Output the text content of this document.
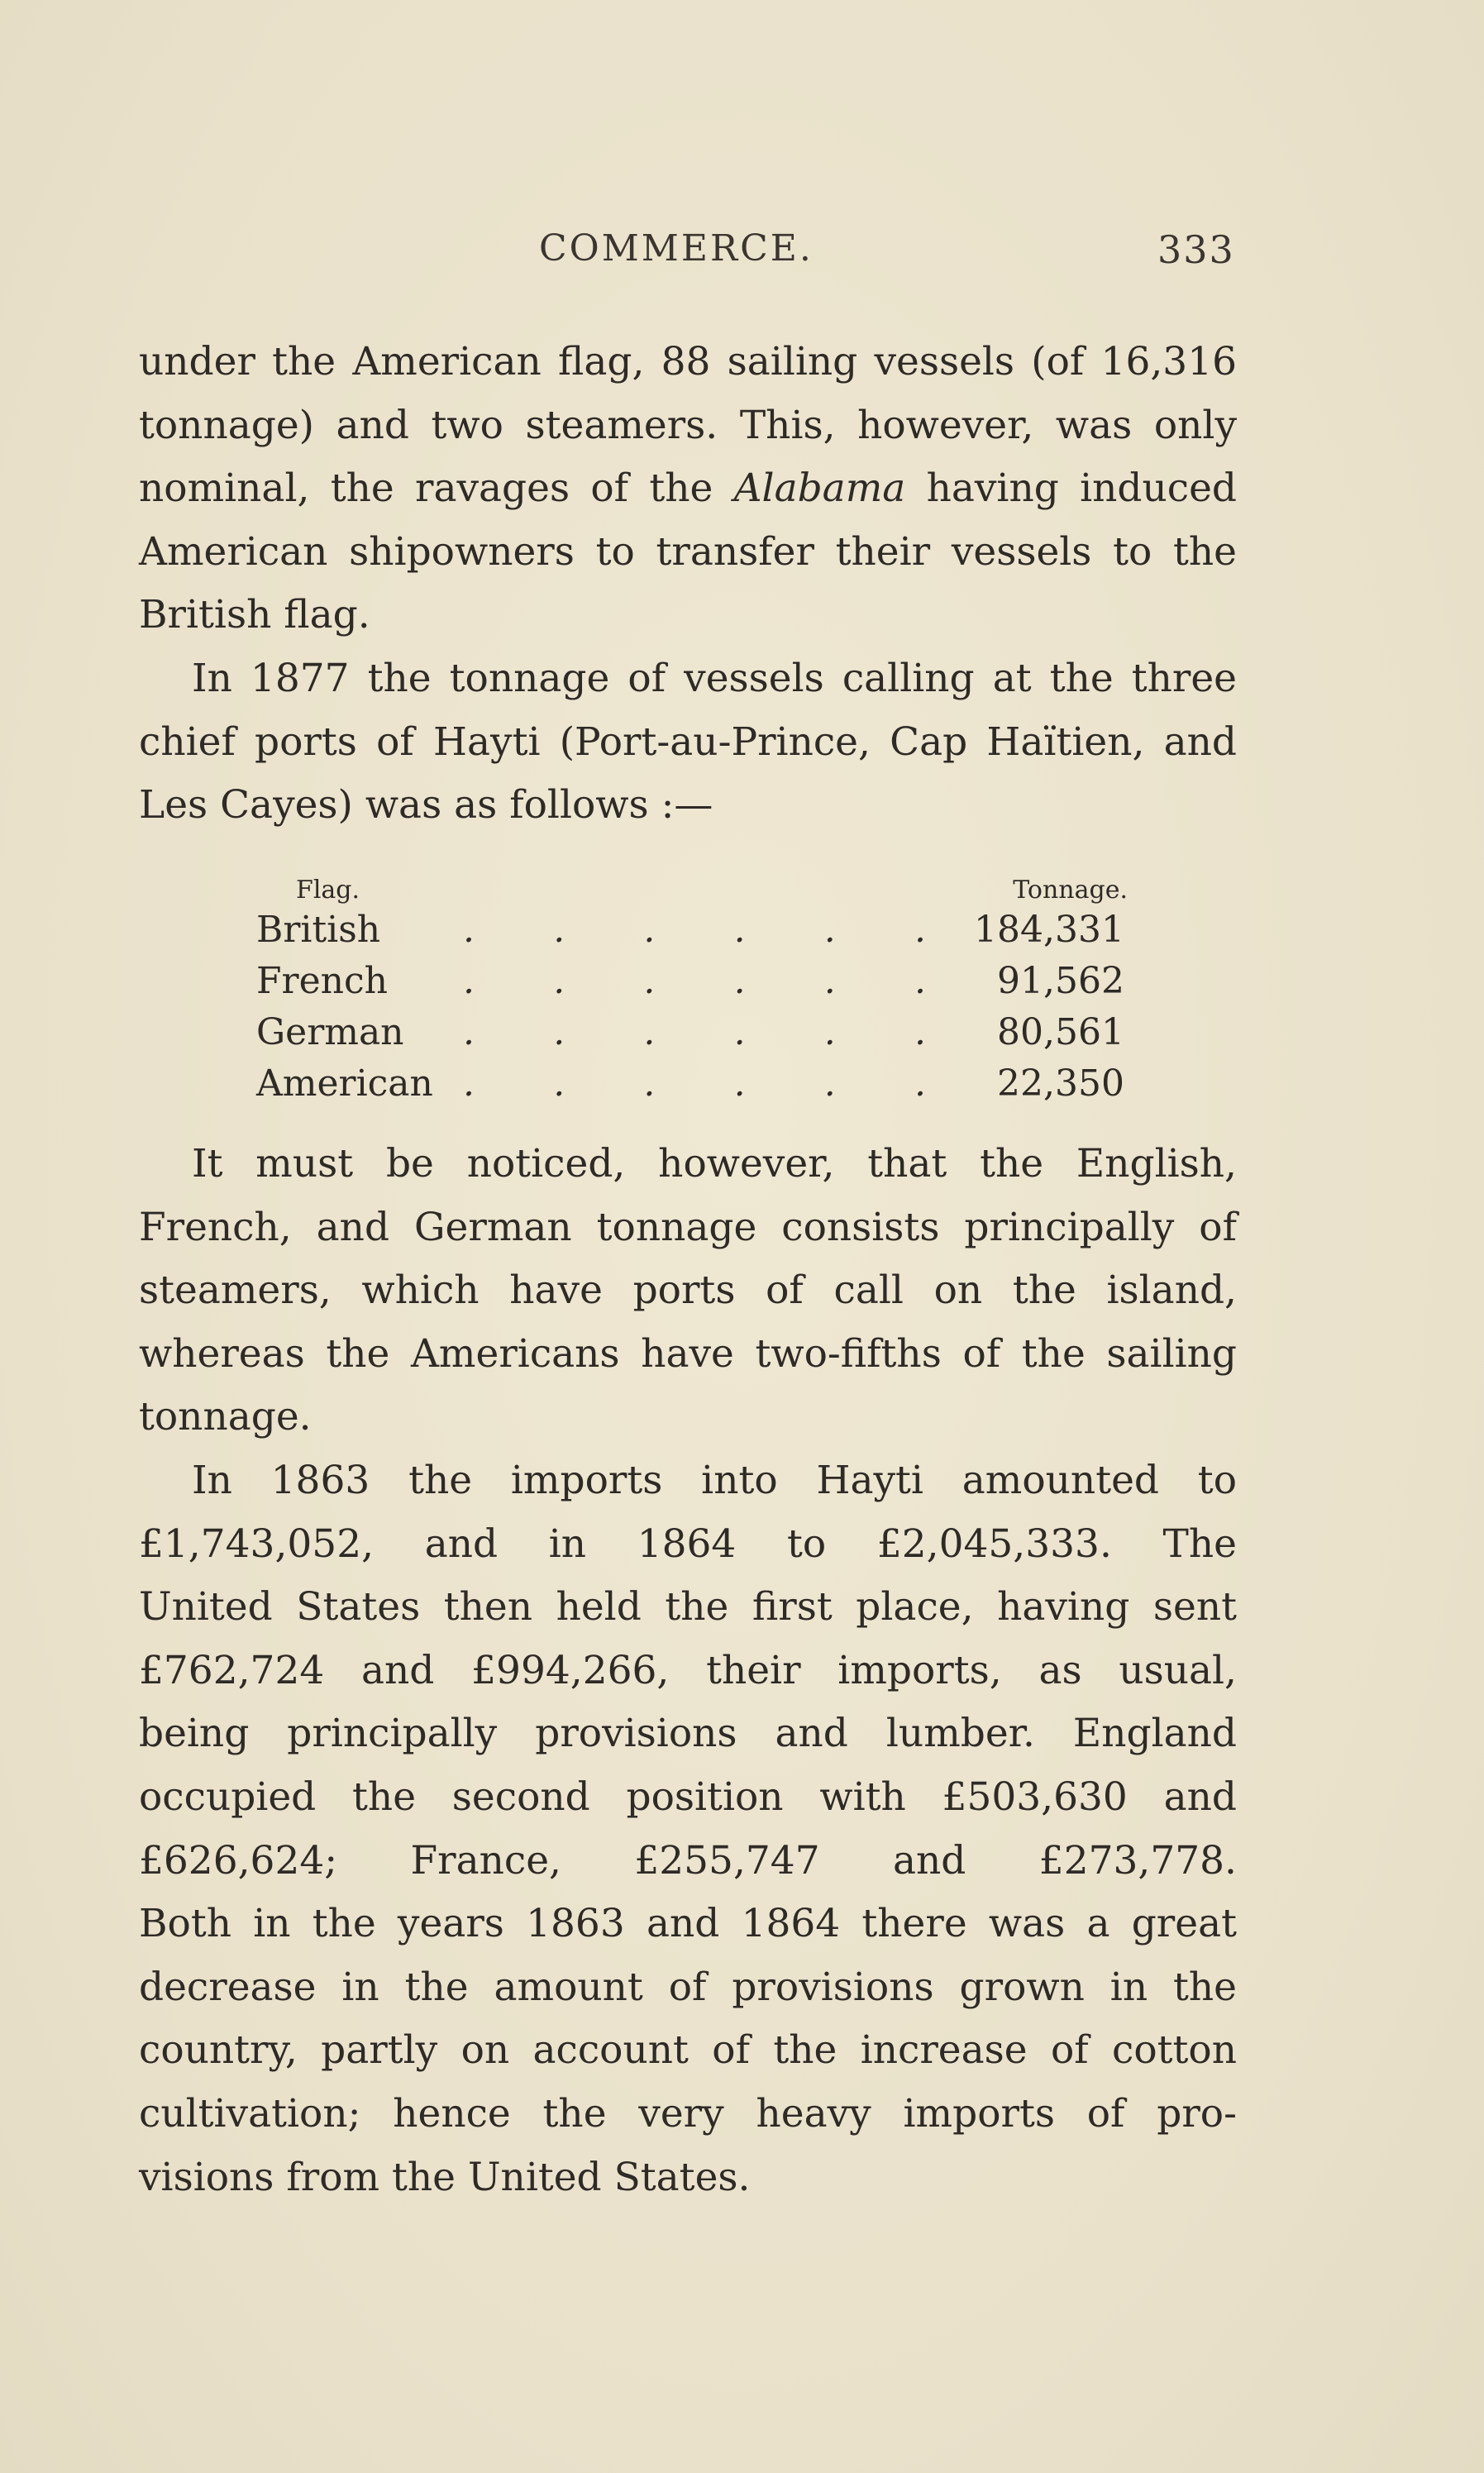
COMMERCE.	333

under the American flag, 88 sailing vessels (of 16,316
tonnage) and two steamers. This, however, was only
nominal, the ravages of the Alabama having induced
American shipowners to transfer their vessels to the
British flag.

In 1877 the tonnage of vessels calling at the three
chief ports of Hayti (Port-au-Prince, Cap Haïtien, and
Les Cayes) was as follows :—

Flag.	Tonnage.
British . . . . . . 184,331
French . . . . . . 91,562
German . . . . . . 80,561
American . . . . . . 22,350

It must be noticed, however, that the English,
French, and German tonnage consists principally of
steamers, which have ports of call on the island,
whereas the Americans have two-fifths of the sailing
tonnage.

In 1863 the imports into Hayti amounted to
£1,743,052, and in 1864 to £2,045,333. The
United States then held the first place, having sent
£762,724 and £994,266, their imports, as usual,
being principally provisions and lumber. England
occupied the second position with £503,630 and
£626,624; France, £255,747 and £273,778.
Both in the years 1863 and 1864 there was a great
decrease in the amount of provisions grown in the
country, partly on account of the increase of cotton
cultivation; hence the very heavy imports of pro-
visions from the United States.
